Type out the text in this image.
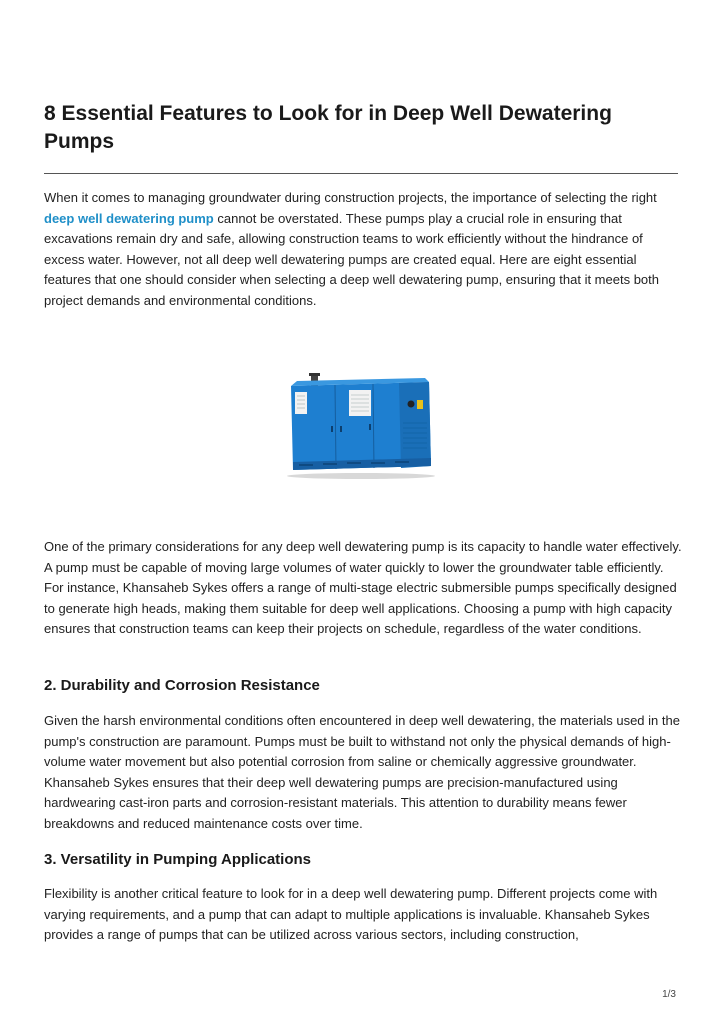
8 Essential Features to Look for in Deep Well Dewatering Pumps

When it comes to managing groundwater during construction projects, the importance of selecting the right deep well dewatering pump cannot be overstated. These pumps play a crucial role in ensuring that excavations remain dry and safe, allowing construction teams to work efficiently without the hindrance of excess water. However, not all deep well dewatering pumps are created equal. Here are eight essential features that one should consider when selecting a deep well dewatering pump, ensuring that it meets both project demands and environmental conditions.

One of the primary considerations for any deep well dewatering pump is its capacity to handle water effectively. A pump must be capable of moving large volumes of water quickly to lower the groundwater table efficiently. For instance, Khansaheb Sykes offers a range of multi-stage electric submersible pumps specifically designed to generate high heads, making them suitable for deep well applications. Choosing a pump with high capacity ensures that construction teams can keep their projects on schedule, regardless of the water conditions.

2. Durability and Corrosion Resistance

Given the harsh environmental conditions often encountered in deep well dewatering, the materials used in the pump's construction are paramount. Pumps must be built to withstand not only the physical demands of high-volume water movement but also potential corrosion from saline or chemically aggressive groundwater. Khansaheb Sykes ensures that their deep well dewatering pumps are precision-manufactured using hardwearing cast-iron parts and corrosion-resistant materials. This attention to durability means fewer breakdowns and reduced maintenance costs over time.

3. Versatility in Pumping Applications

Flexibility is another critical feature to look for in a deep well dewatering pump. Different projects come with varying requirements, and a pump that can adapt to multiple applications is invaluable. Khansaheb Sykes provides a range of pumps that can be utilized across various sectors, including construction,

1/3
